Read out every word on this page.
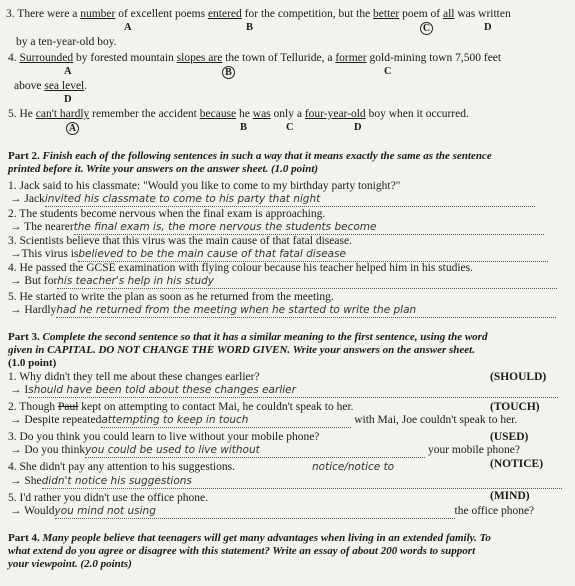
3. There were a number of excellent poems entered for the competition, but the better poem of all was written
A	B	C	D
by a ten-year-old boy.
4. Surrounded by forested mountain slopes are the town of Telluride, a former gold-mining town 7,500 feet
A	B	C
above sea level.
D
5. He can't hardly remember the accident because he was only a four-year-old boy when it occurred.
A	B	C	D
Part 2. Finish each of the following sentences in such a way that it means exactly the same as the sentence
printed before it. Write your answers on the answer sheet. (1.0 point)
1. Jack said to his classmate: "Would you like to come to my birthday party tonight?"
→ Jackinvited his classmate to come to his party that night
2. The students become nervous when the final exam is approaching.
→ The nearerthe final exam is, the more nervous the students become
3. Scientists believe that this virus was the main cause of that fatal disease.
→This virus isbelieved to be the main cause of that fatal disease
4. He passed the GCSE examination with flying colour because his teacher helped him in his studies.
→ But forhis teacher's help in his study
5. He started to write the plan as soon as he returned from the meeting.
→ Hardlyhad he returned from the meeting when he started to write the plan
Part 3. Complete the second sentence so that it has a similar meaning to the first sentence, using the word
given in CAPITAL. DO NOT CHANGE THE WORD GIVEN. Write your answers on the answer sheet.
(1.0 point)
1. Why didn't they tell me about these changes earlier?	(SHOULD)
→ Ishould have been told about these changes earlier
2. Though Paul kept on attempting to contact Mai, he couldn't speak to her.	(TOUCH)
→ Despite repeatedattempting to keep in touch	with Mai, Joe couldn't speak to her.
3. Do you think you could learn to live without your mobile phone?	(USED)
→ Do you thinkyou could be used to live without	your mobile phone?
4. She didn't pay any attention to his suggestions.	notice/notice to	(NOTICE)
→ Shedidn't notice his suggestions
5. I'd rather you didn't use the office phone.	(MIND)
→ Wouldyou mind not using	the office phone?
Part 4. Many people believe that teenagers will get many advantages when living in an extended family. To
what extend do you agree or disagree with this statement? Write an essay of about 200 words to support
your viewpoint. (2.0 points)
